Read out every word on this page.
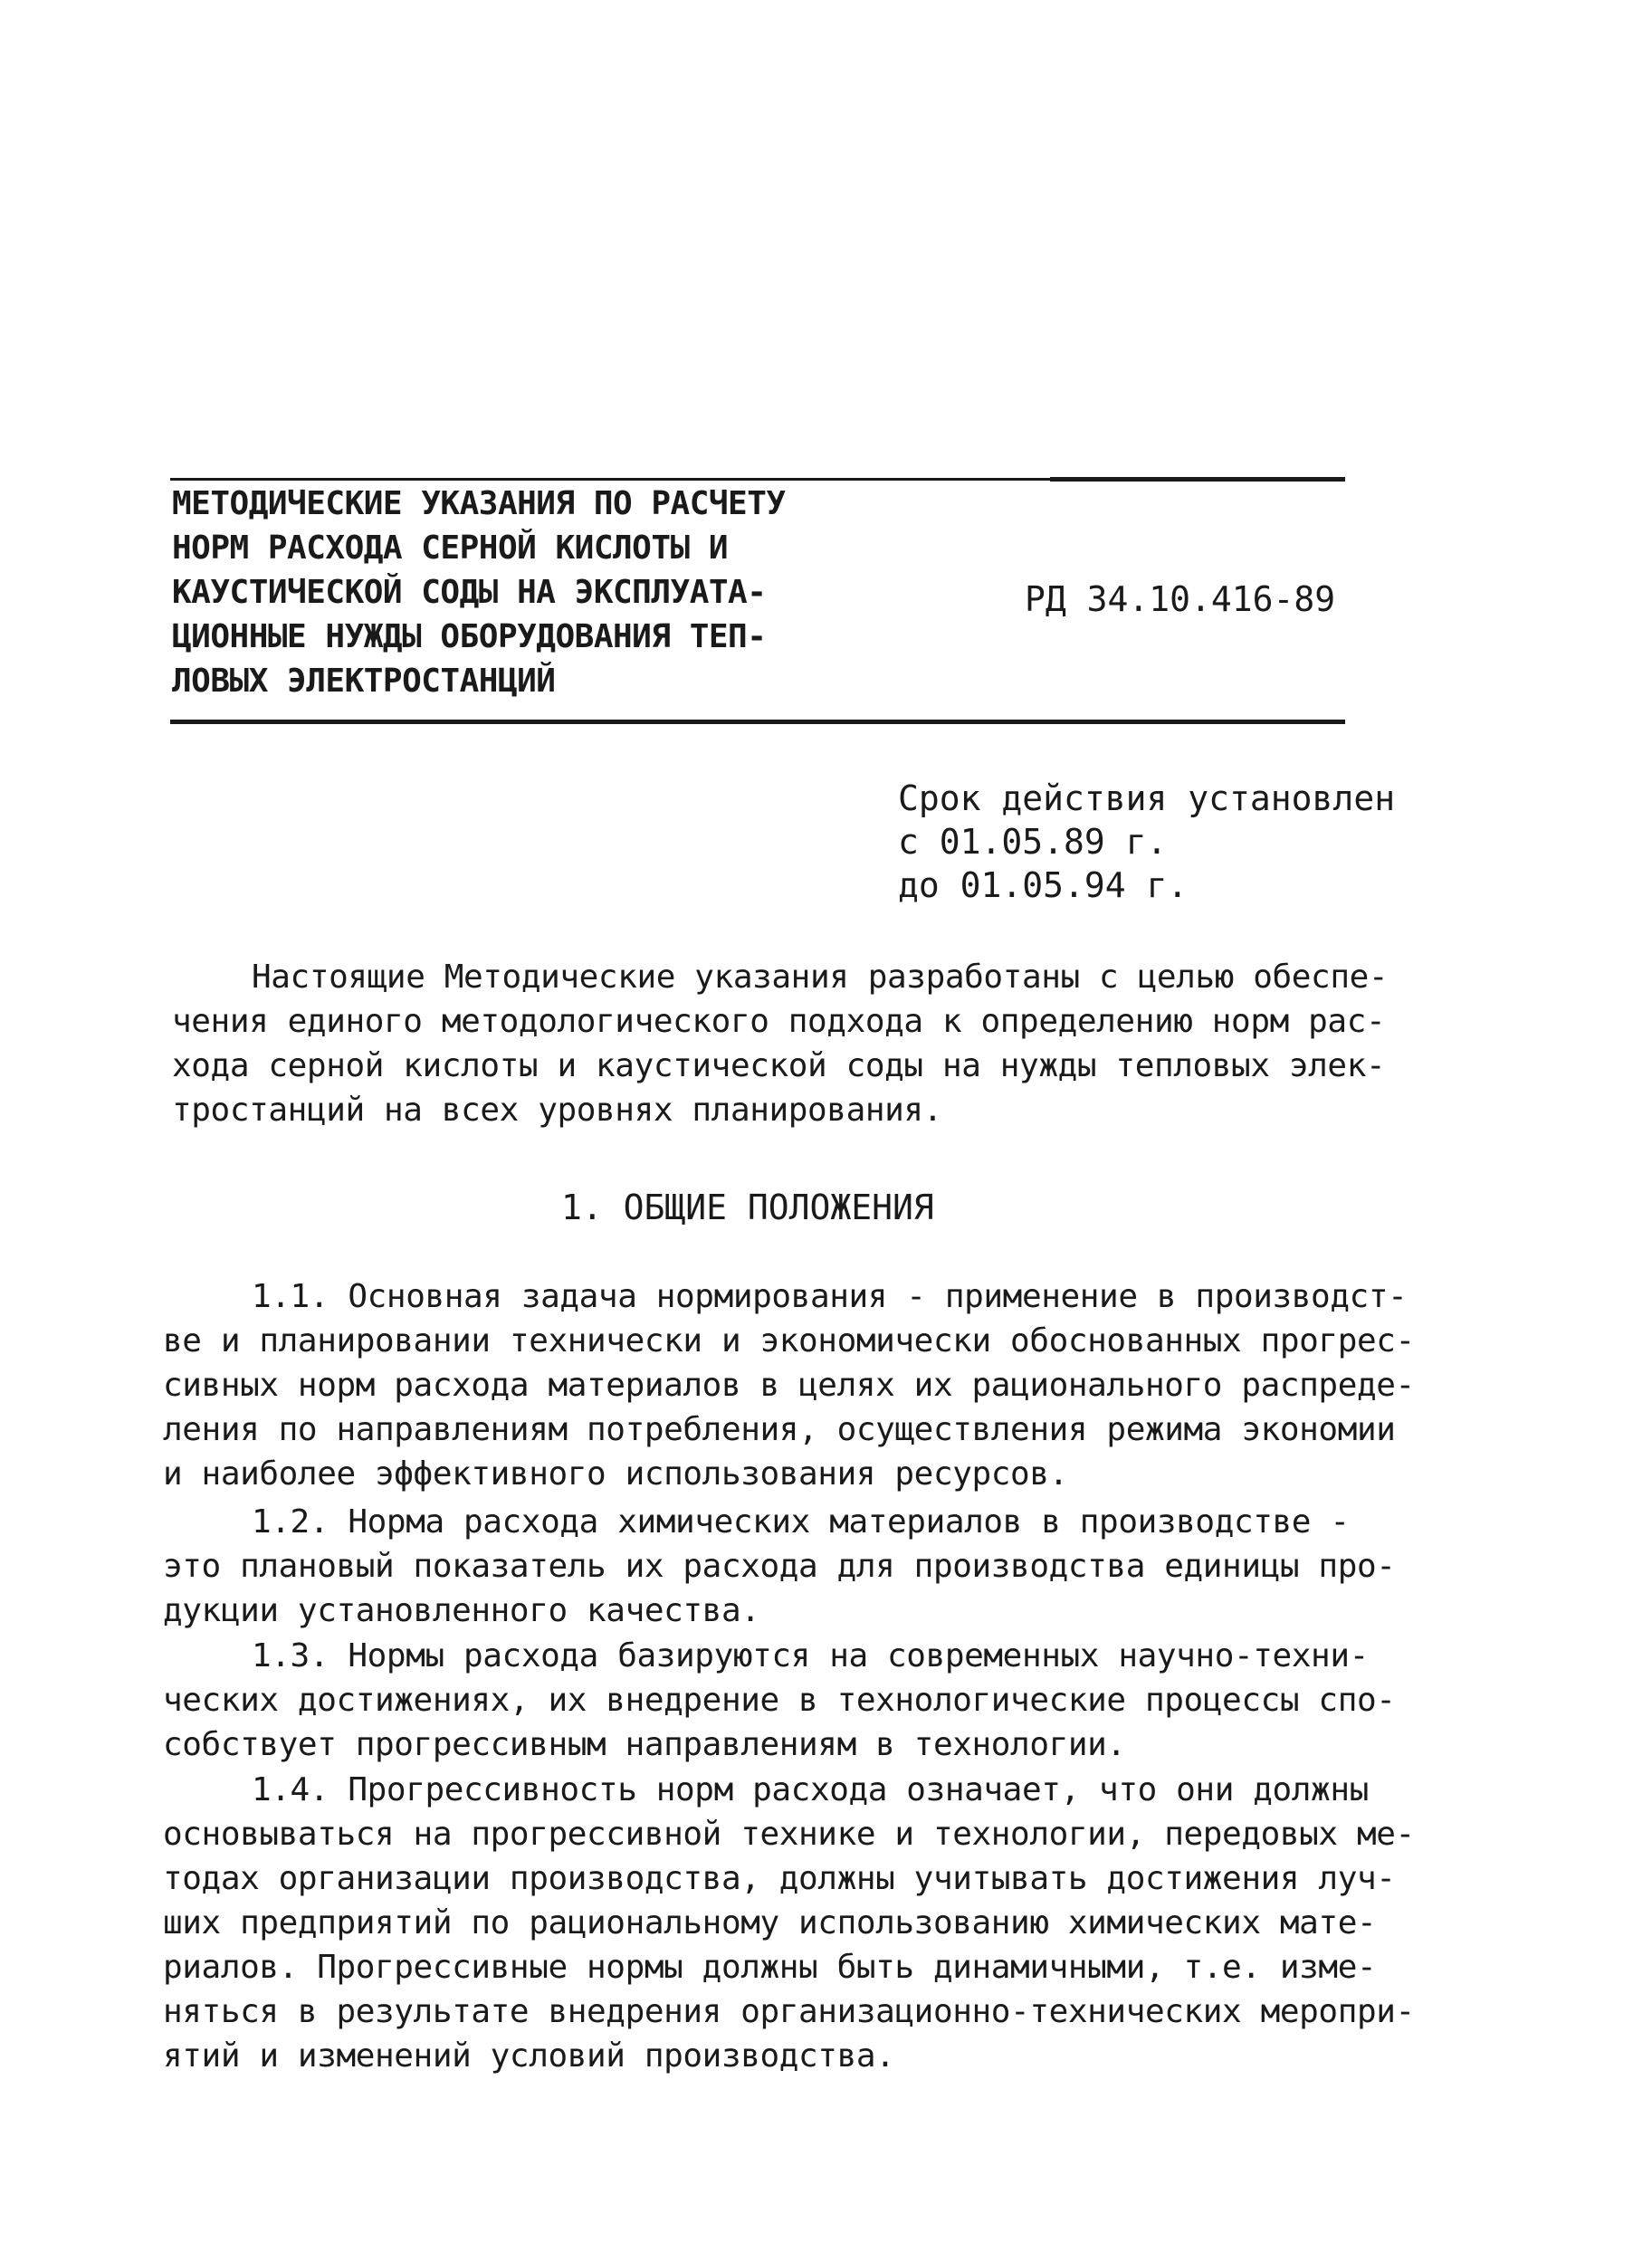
МЕТОДИЧЕСКИЕ УКАЗАНИЯ ПО РАСЧЕТУ
НОРМ РАСХОДА СЕРНОЙ КИСЛОТЫ И
КАУСТИЧЕСКОЙ СОДЫ НА ЭКСПЛУАТА-
ЦИОННЫЕ НУЖДЫ ОБОРУДОВАНИЯ ТЕП-
ЛОВЫХ ЭЛЕКТРОСТАНЦИЙ
РД 34.10.416-89
Срок действия установлен
с 01.05.89 г.
до 01.05.94 г.
Настоящие Методические указания разработаны с целью обеспе-
чения единого методологического подхода к определению норм рас-
хода серной кислоты и каустической соды на нужды тепловых элек-
тростанций на всех уровнях планирования.
1. ОБЩИЕ ПОЛОЖЕНИЯ
1.1. Основная задача нормирования - применение в производст-
ве и планировании технически и экономически обоснованных прогрес-
сивных норм расхода материалов в целях их рационального распреде-
ления по направлениям потребления, осуществления режима экономии
и наиболее эффективного использования ресурсов.
1.2. Норма расхода химических материалов в производстве -
это плановый показатель их расхода для производства единицы про-
дукции установленного качества.
1.3. Нормы расхода базируются на современных научно-техни-
ческих достижениях, их внедрение в технологические процессы спо-
собствует прогрессивным направлениям в технологии.
1.4. Прогрессивность норм расхода означает, что они должны
основываться на прогрессивной технике и технологии, передовых ме-
тодах организации производства, должны учитывать достижения луч-
ших предприятий по рациональному использованию химических мате-
риалов. Прогрессивные нормы должны быть динамичными, т.е. изме-
няться в результате внедрения организационно-технических меропри-
ятий и изменений условий производства.
